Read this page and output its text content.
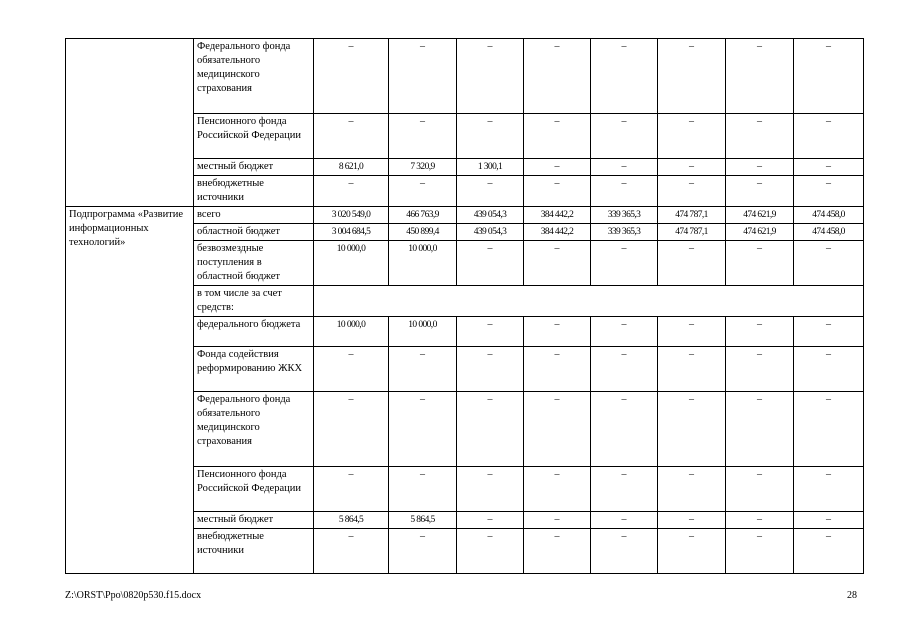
	Федерального фонда обязательного медицинского страхования	–	–	–	–	–	–	–	–
	Пенсионного фонда Российской Федерации	–	–	–	–	–	–	–	–
	местный бюджет	8 621,0	7 320,9	1 300,1	–	–	–	–	–
	внебюджетные источники	–	–	–	–	–	–	–	–
Подпрограмма «Развитие информационных технологий»	всего	3 020 549,0	466 763,9	439 054,3	384 442,2	339 365,3	474 787,1	474 621,9	474 458,0
	областной бюджет	3 004 684,5	450 899,4	439 054,3	384 442,2	339 365,3	474 787,1	474 621,9	474 458,0
	безвозмездные поступления в областной бюджет	10 000,0	10 000,0	–	–	–	–	–	–
	в том числе за счет средств:								
	федерального бюджета	10 000,0	10 000,0	–	–	–	–	–	–
	Фонда содействия реформированию ЖКХ	–	–	–	–	–	–	–	–
	Федерального фонда обязательного медицинского страхования	–	–	–	–	–	–	–	–
	Пенсионного фонда Российской Федерации	–	–	–	–	–	–	–	–
	местный бюджет	5 864,5	5 864,5	–	–	–	–	–	–
	внебюджетные источники	–	–	–	–	–	–	–	–
Z:\ORST\Ppo\0820p530.f15.docx	28
